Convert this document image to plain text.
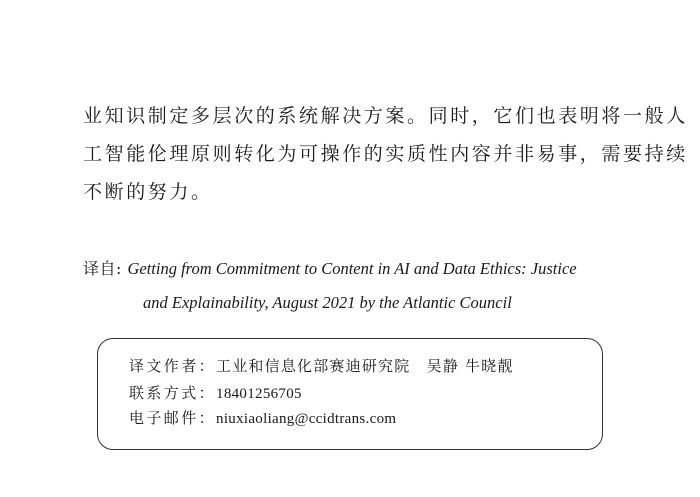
业知识制定多层次的系统解决方案。同时，它们也表明将一般人
工智能伦理原则转化为可操作的实质性内容并非易事，需要持续
不断的努力。
译自: Getting from Commitment to Content in AI and Data Ethics: Justice
and Explainability, August 2021 by the Atlantic Council
译文作者：工业和信息化部赛迪研究院　吴静 牛晓靓
联系方式：18401256705
电子邮件：niuxiaoliang@ccidtrans.com
